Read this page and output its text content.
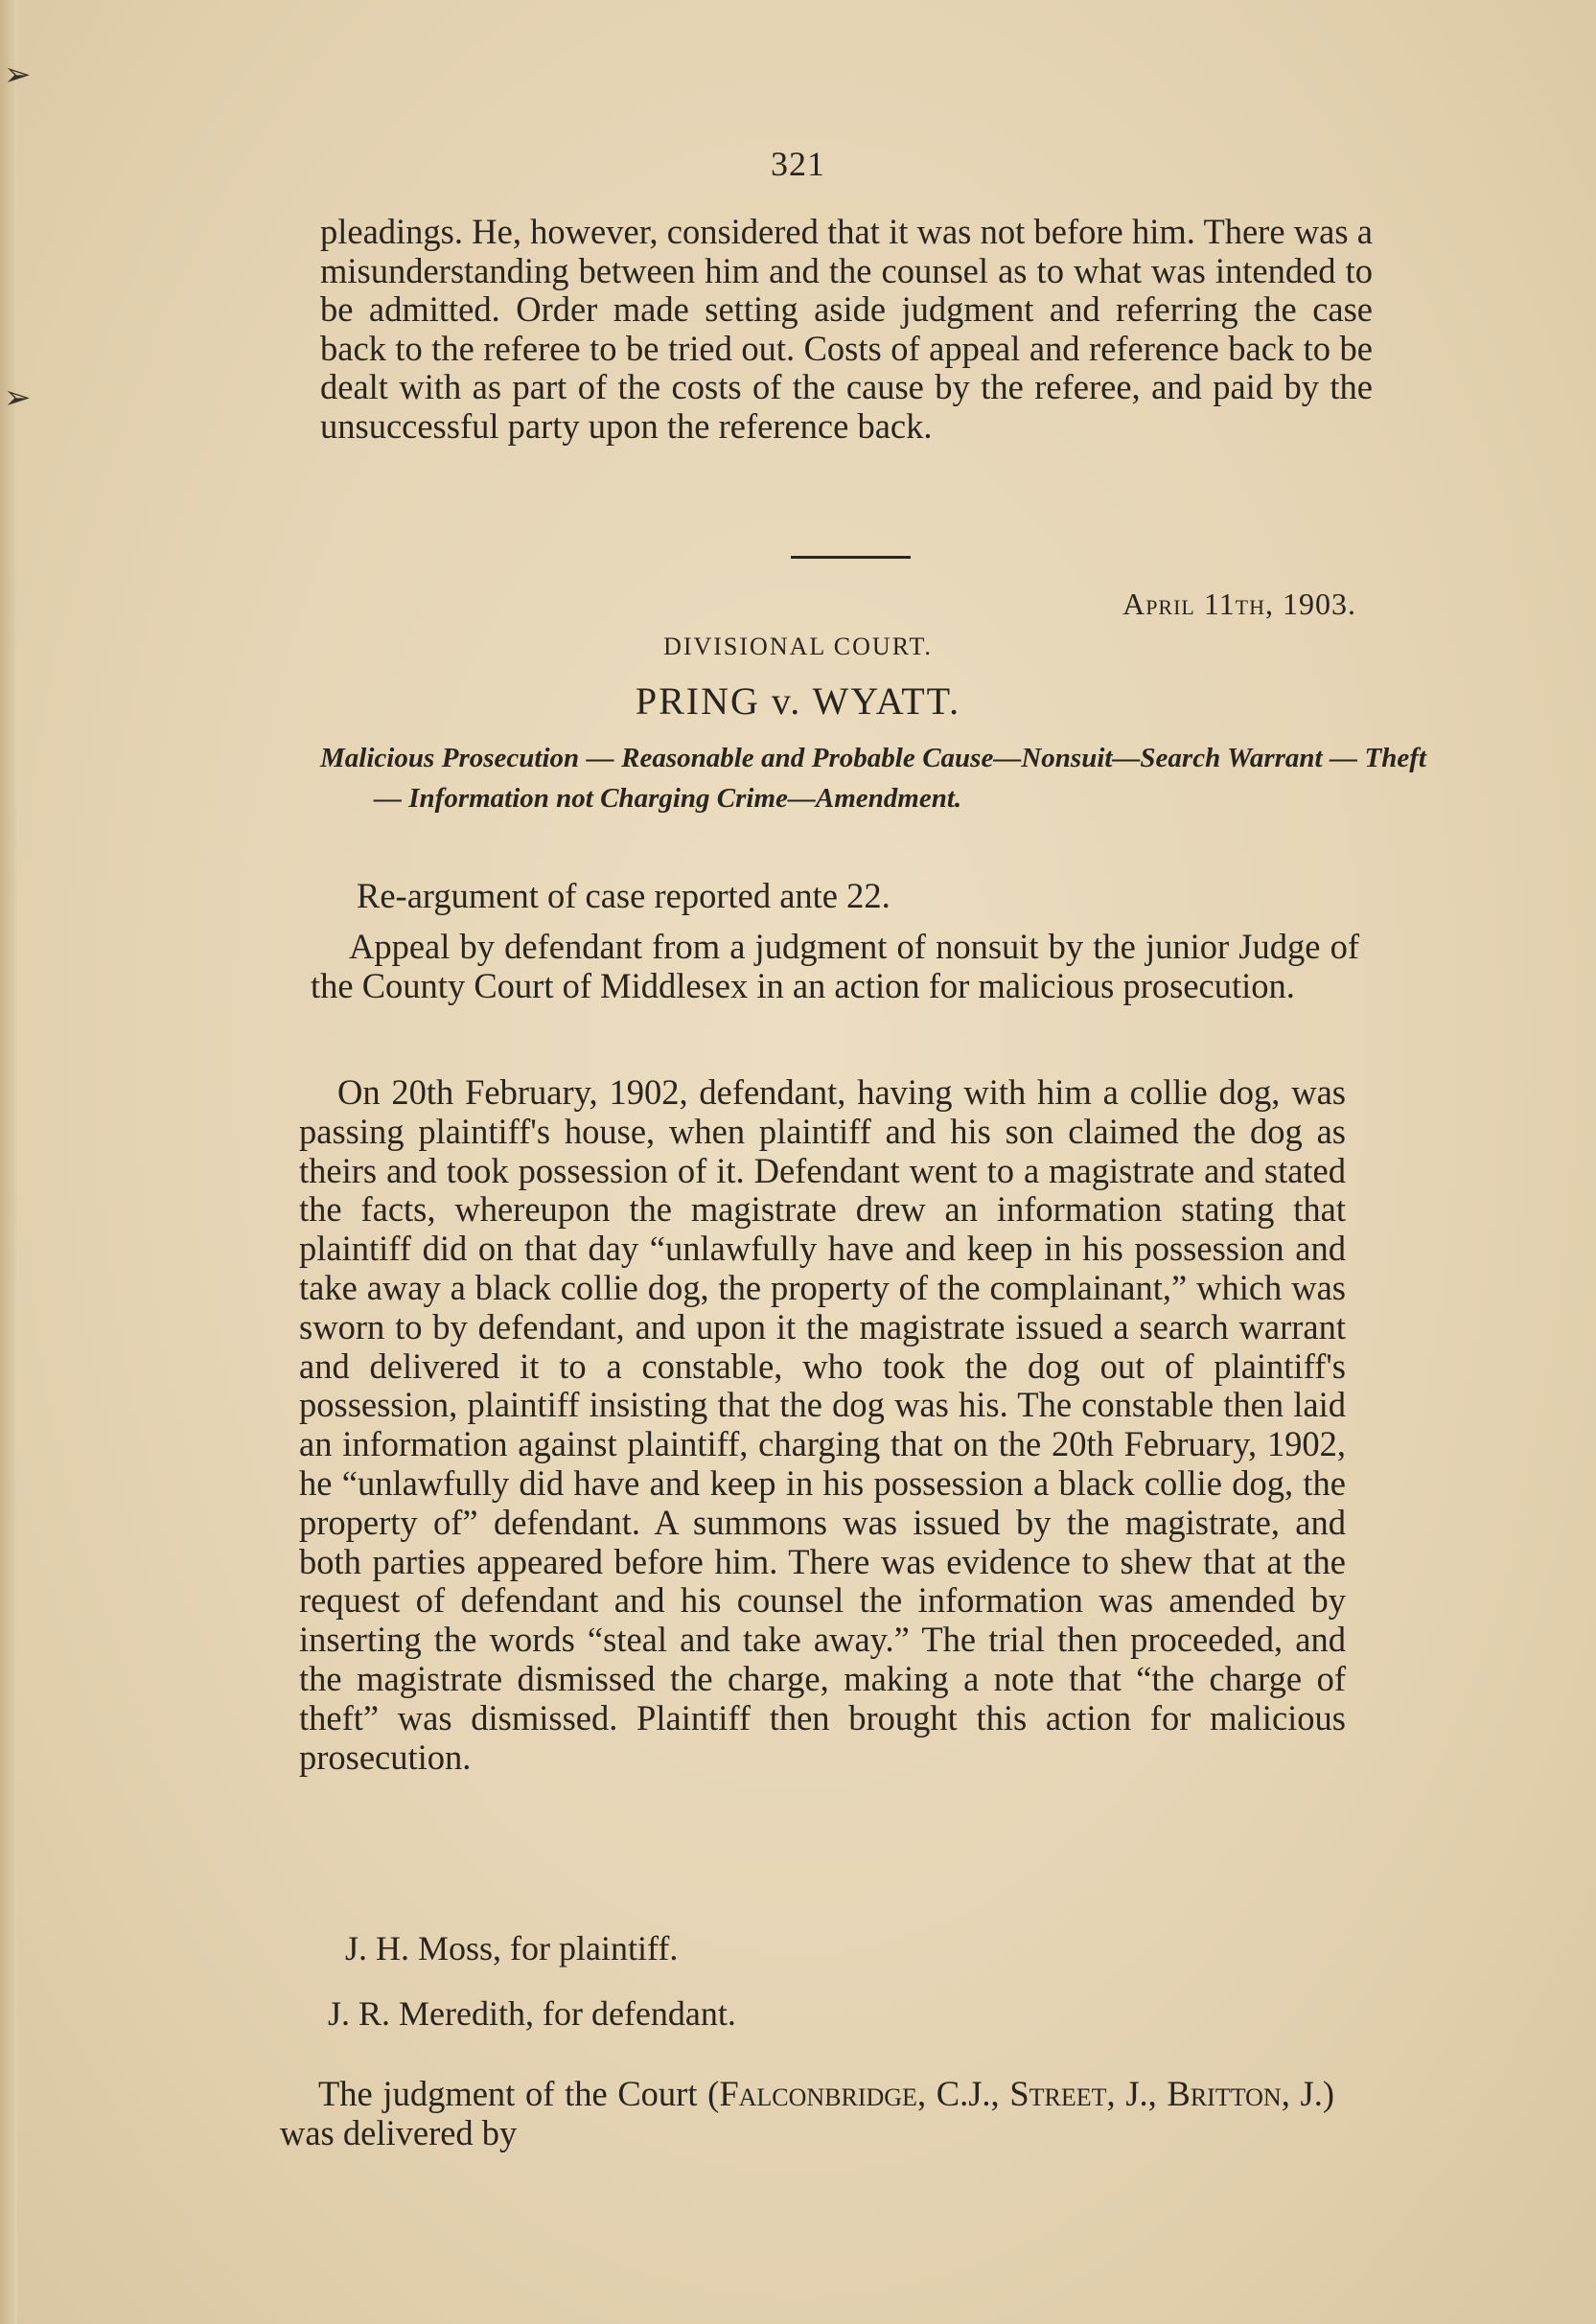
➢
➢
321

pleadings. He, however, considered that it was not before him. There was a misunderstanding between him and the counsel as to what was intended to be admitted. Order made setting aside judgment and referring the case back to the referee to be tried out. Costs of appeal and reference back to be dealt with as part of the costs of the cause by the referee, and paid by the unsuccessful party upon the reference back.

April 11th, 1903.
DIVISIONAL COURT.
PRING v. WYATT.

Malicious Prosecution — Reasonable and Probable Cause—Nonsuit—Search Warrant — Theft — Information not Charging Crime—Amendment.

Re-argument of case reported ante 22.

Appeal by defendant from a judgment of nonsuit by the junior Judge of the County Court of Middlesex in an action for malicious prosecution.

On 20th February, 1902, defendant, having with him a collie dog, was passing plaintiff's house, when plaintiff and his son claimed the dog as theirs and took possession of it. Defendant went to a magistrate and stated the facts, whereupon the magistrate drew an information stating that plaintiff did on that day “unlawfully have and keep in his possession and take away a black collie dog, the property of the complainant,” which was sworn to by defendant, and upon it the magistrate issued a search warrant and delivered it to a constable, who took the dog out of plaintiff's possession, plaintiff insisting that the dog was his. The constable then laid an information against plaintiff, charging that on the 20th February, 1902, he “unlawfully did have and keep in his possession a black collie dog, the property of” defendant. A summons was issued by the magistrate, and both parties appeared before him. There was evidence to shew that at the request of defendant and his counsel the information was amended by inserting the words “steal and take away.” The trial then proceeded, and the magistrate dismissed the charge, making a note that “the charge of theft” was dismissed. Plaintiff then brought this action for malicious prosecution.

J. H. Moss, for plaintiff.
J. R. Meredith, for defendant.

The judgment of the Court (Falconbridge, C.J., Street, J., Britton, J.) was delivered by
